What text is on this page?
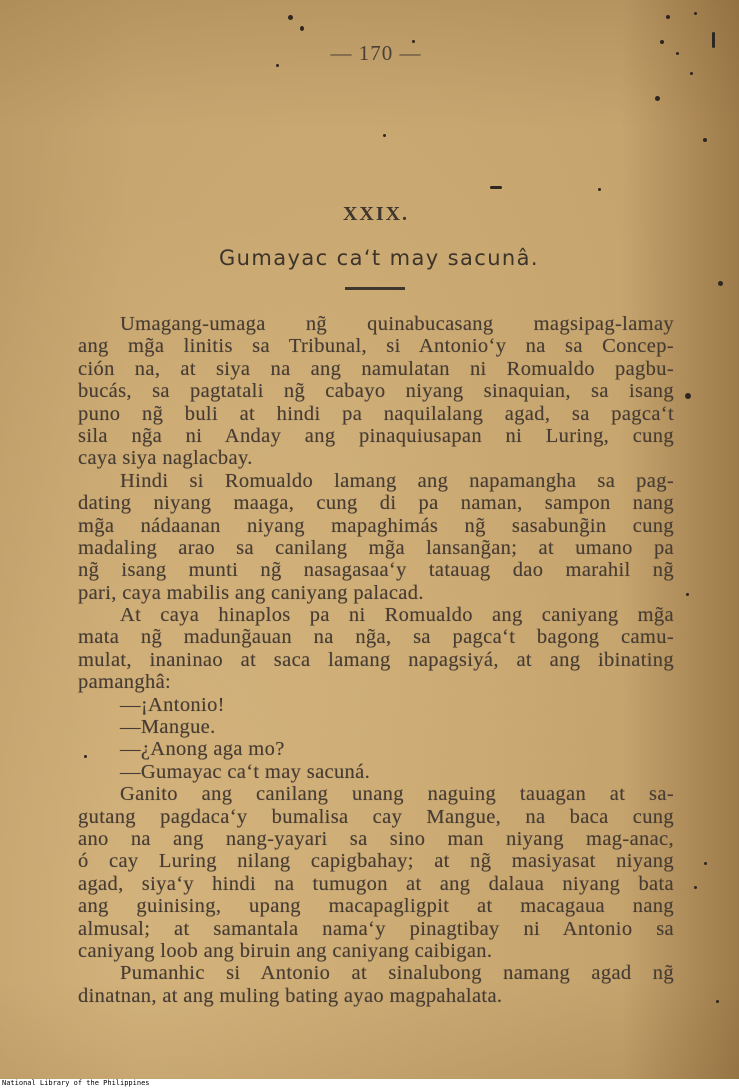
— 170 —
XXIX.
Gumayac ca‘t may sacunâ.
Umagang-umaga ng̃ quinabucasang magsipag-lamay
ang mg̃a linitis sa Tribunal, si Antonio‘y na sa Concep-
ción na, at siya na ang namulatan ni Romualdo pagbu-
bucás, sa pagtatali ng̃ cabayo niyang sinaquian, sa isang
puno ng̃ buli at hindi pa naquilalang agad, sa pagca‘t
sila ng̃a ni Anday ang pinaquiusapan ni Luring, cung
caya siya naglacbay.
Hindi si Romualdo lamang ang napamangha sa pag-
dating niyang maaga, cung di pa naman, sampon nang
mg̃a nádaanan niyang mapaghimás ng̃ sasabung̃in cung
madaling arao sa canilang mg̃a lansang̃an; at umano pa
ng̃ isang munti ng̃ nasagasaa‘y tatauag dao marahil ng̃
pari, caya mabilis ang caniyang palacad.
At caya hinaplos pa ni Romualdo ang caniyang mg̃a
mata ng̃ madung̃auan na ng̃a, sa pagca‘t bagong camu-
mulat, inaninao at saca lamang napagsiyá, at ang ibinating
pamanghâ:
—¡Antonio!
—Mangue.
—¿Anong aga mo?
—Gumayac ca‘t may sacuná.
Ganito ang canilang unang naguing tauagan at sa-
gutang pagdaca‘y bumalisa cay Mangue, na baca cung
ano na ang nang-yayari sa sino man niyang mag-anac,
ó cay Luring nilang capigbahay; at ng̃ masiyasat niyang
agad, siya‘y hindi na tumugon at ang dalaua niyang bata
ang guinising, upang macapagligpit at macagaua nang
almusal; at samantala nama‘y pinagtibay ni Antonio sa
caniyang loob ang biruin ang caniyang caibigan.
Pumanhic si Antonio at sinalubong namang agad ng̃
dinatnan, at ang muling bating ayao magpahalata.
National Library of the Philippines
